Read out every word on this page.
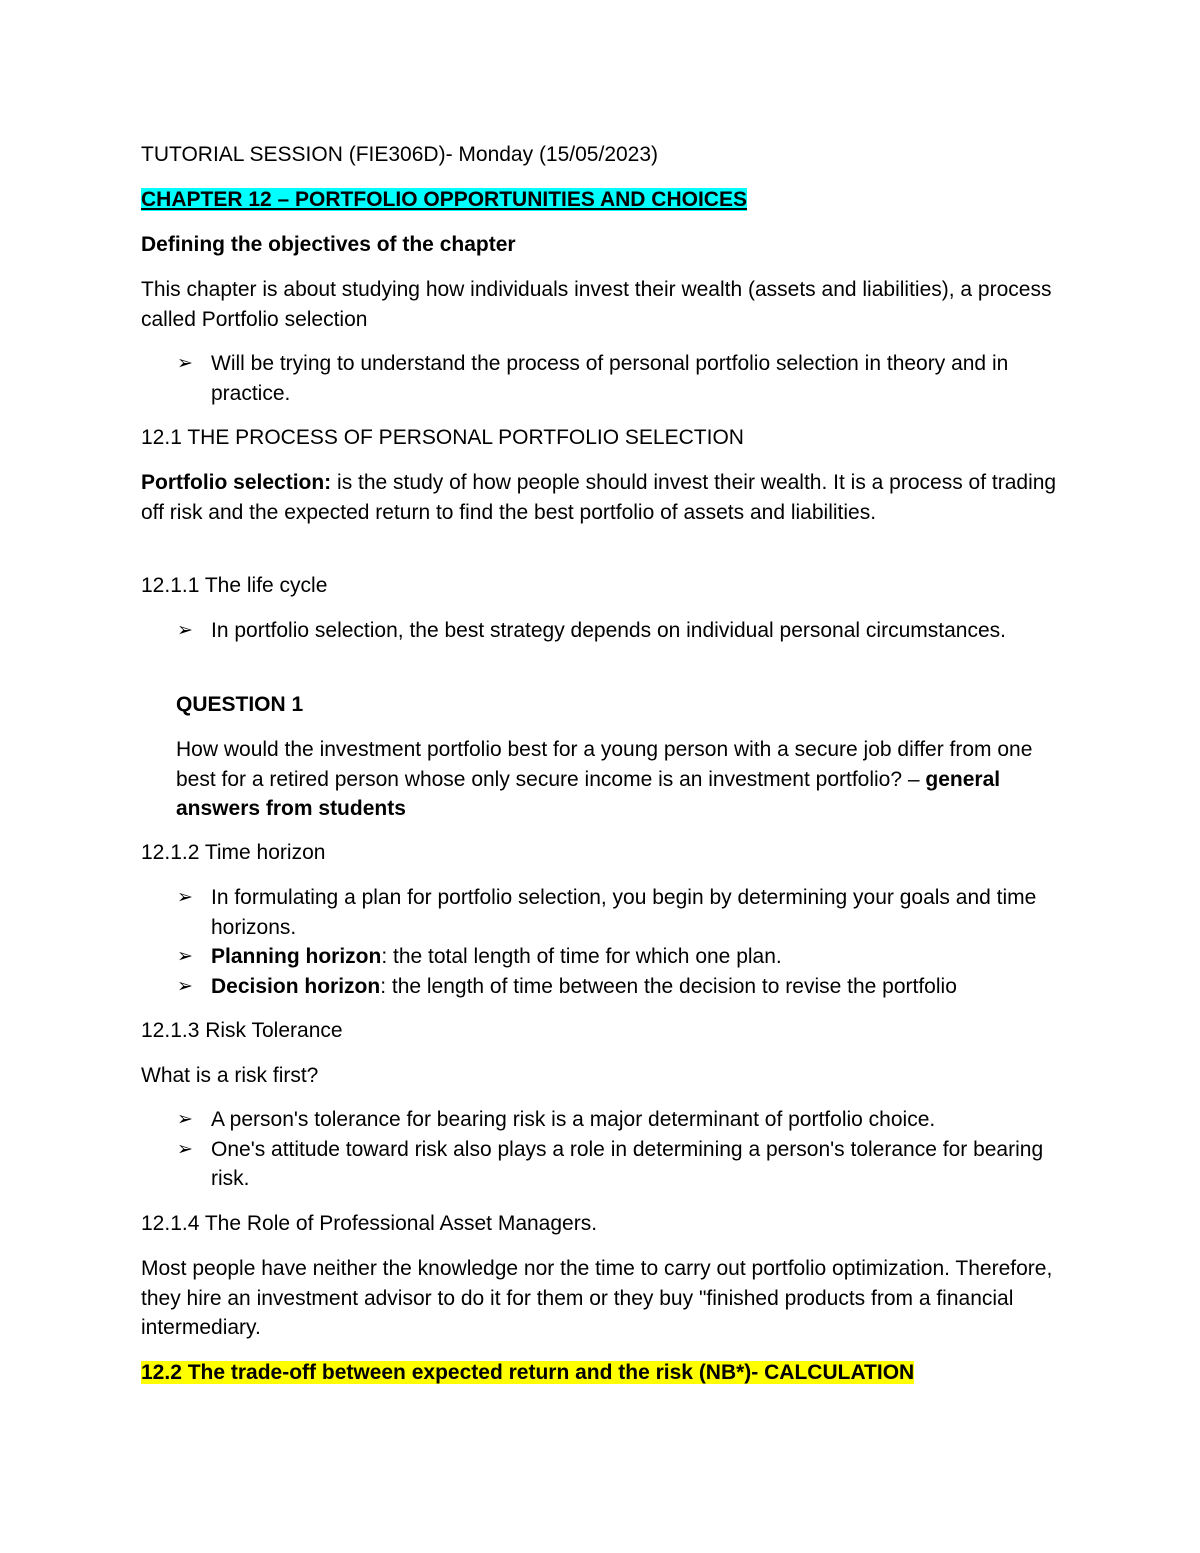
TUTORIAL SESSION (FIE306D)- Monday (15/05/2023)

CHAPTER 12 – PORTFOLIO OPPORTUNITIES AND CHOICES

Defining the objectives of the chapter

This chapter is about studying how individuals invest their wealth (assets and liabilities), a process called Portfolio selection

➢ Will be trying to understand the process of personal portfolio selection in theory and in practice.

12.1 THE PROCESS OF PERSONAL PORTFOLIO SELECTION

Portfolio selection: is the study of how people should invest their wealth. It is a process of trading off risk and the expected return to find the best portfolio of assets and liabilities.

12.1.1 The life cycle

➢ In portfolio selection, the best strategy depends on individual personal circumstances.

QUESTION 1

How would the investment portfolio best for a young person with a secure job differ from one best for a retired person whose only secure income is an investment portfolio? – general answers from students

12.1.2 Time horizon

➢ In formulating a plan for portfolio selection, you begin by determining your goals and time horizons.
➢ Planning horizon: the total length of time for which one plan.
➢ Decision horizon: the length of time between the decision to revise the portfolio

12.1.3 Risk Tolerance

What is a risk first?

➢ A person's tolerance for bearing risk is a major determinant of portfolio choice.
➢ One's attitude toward risk also plays a role in determining a person's tolerance for bearing risk.

12.1.4 The Role of Professional Asset Managers.

Most people have neither the knowledge nor the time to carry out portfolio optimization. Therefore, they hire an investment advisor to do it for them or they buy "finished products from a financial intermediary.

12.2 The trade-off between expected return and the risk (NB*)- CALCULATION
